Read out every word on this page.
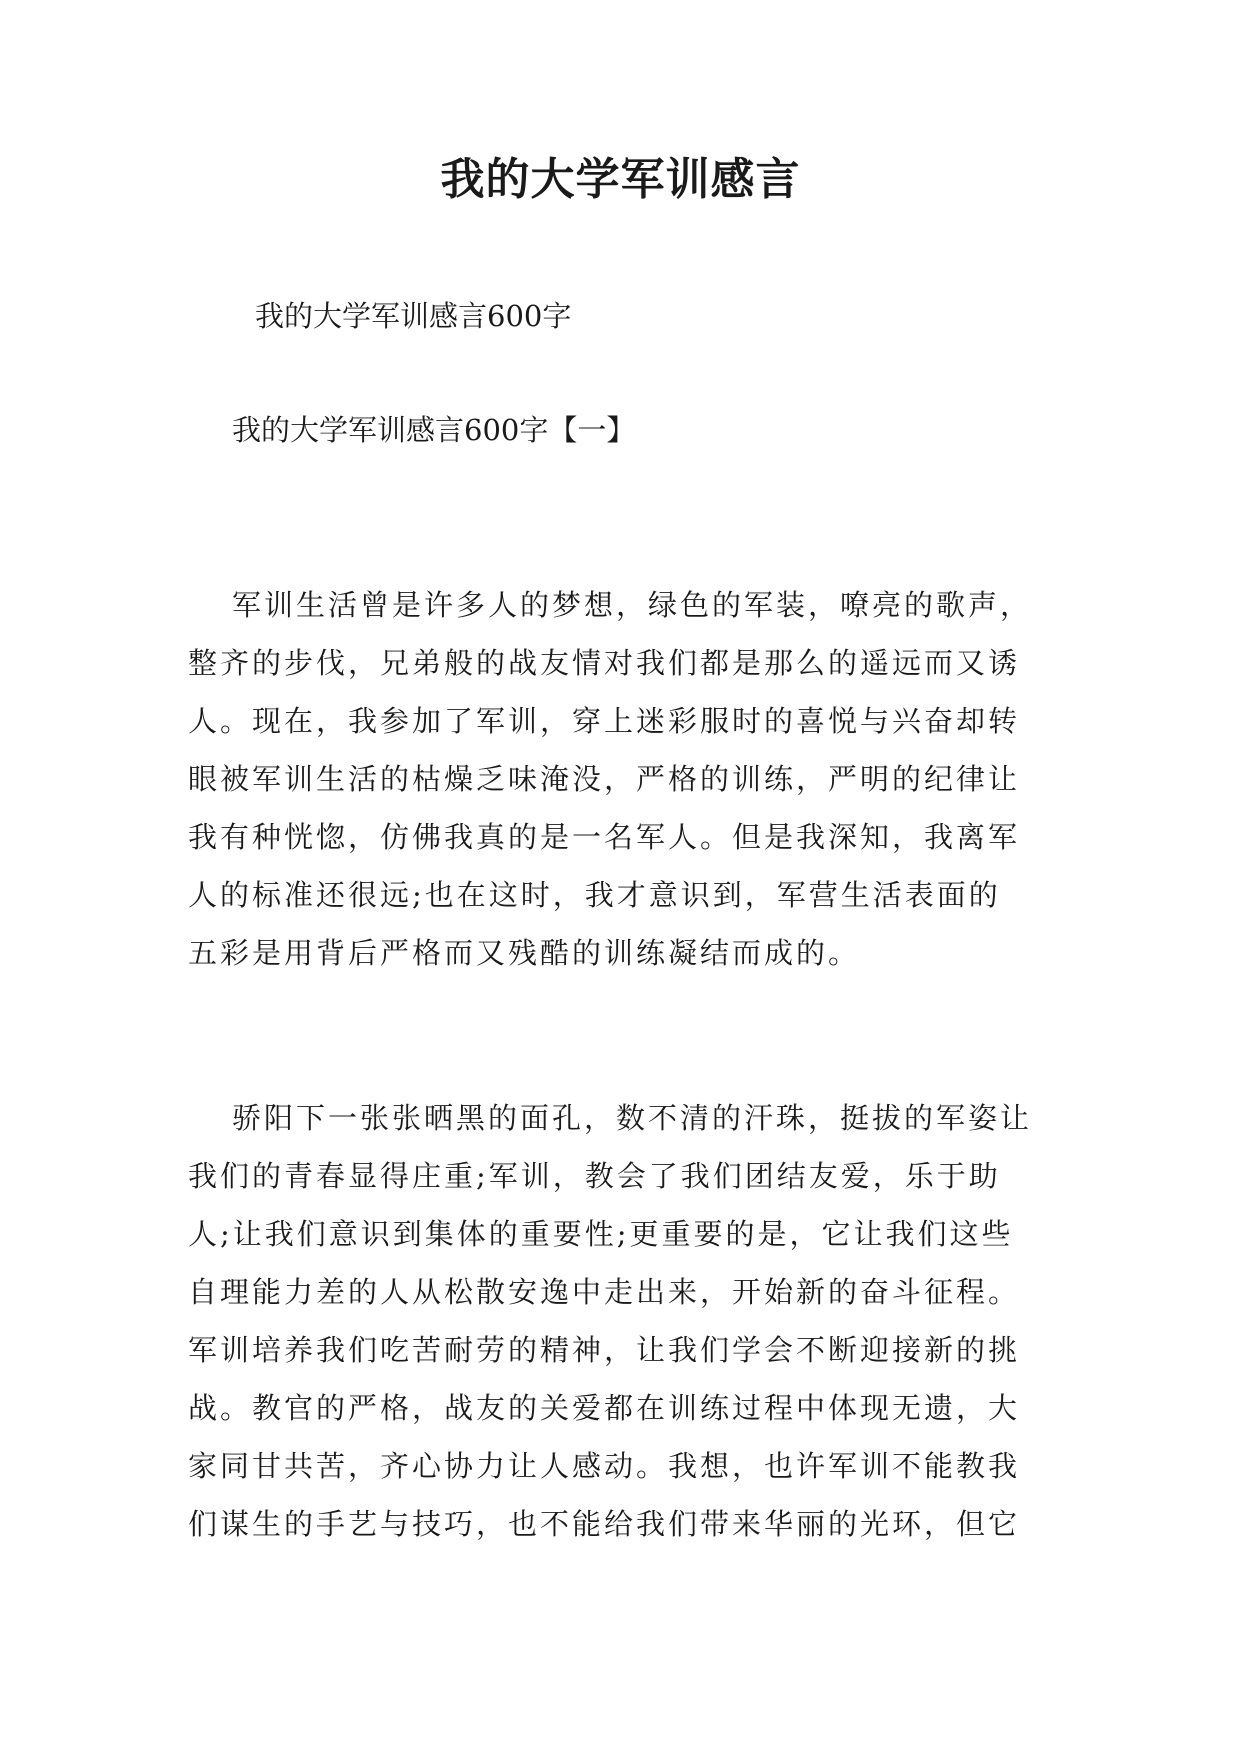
我的大学军训感言

我的大学军训感言600字

我的大学军训感言600字【一】

军训生活曾是许多人的梦想，绿色的军装，嘹亮的歌声，
整齐的步伐，兄弟般的战友情对我们都是那么的遥远而又诱
人。现在，我参加了军训，穿上迷彩服时的喜悦与兴奋却转
眼被军训生活的枯燥乏味淹没，严格的训练，严明的纪律让
我有种恍惚，仿佛我真的是一名军人。但是我深知，我离军
人的标准还很远;也在这时，我才意识到，军营生活表面的
五彩是用背后严格而又残酷的训练凝结而成的。
骄阳下一张张晒黑的面孔，数不清的汗珠，挺拔的军姿让
我们的青春显得庄重;军训，教会了我们团结友爱，乐于助
人;让我们意识到集体的重要性;更重要的是，它让我们这些
自理能力差的人从松散安逸中走出来，开始新的奋斗征程。
军训培养我们吃苦耐劳的精神，让我们学会不断迎接新的挑
战。教官的严格，战友的关爱都在训练过程中体现无遗，大
家同甘共苦，齐心协力让人感动。我想，也许军训不能教我
们谋生的手艺与技巧，也不能给我们带来华丽的光环，但它
